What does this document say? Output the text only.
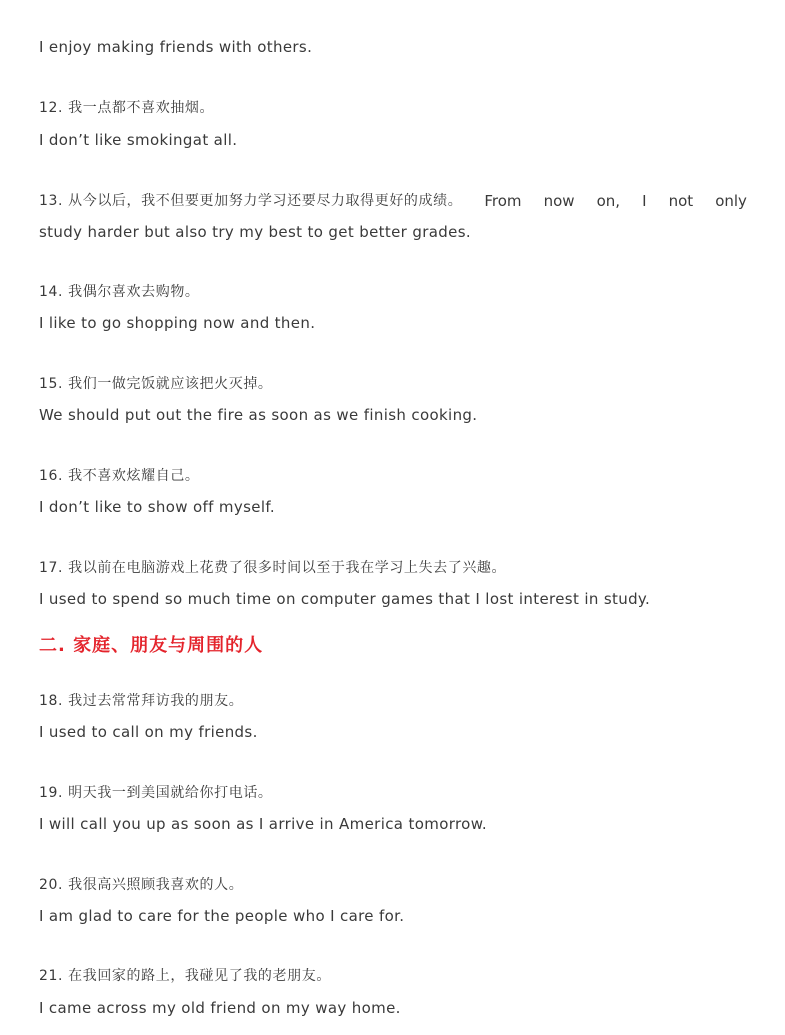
I enjoy making friends with others.
12. 我一点都不喜欢抽烟。
I don’t like smokingat all.
13. 从今以后，我不但要更加努力学习还要尽力取得更好的成绩。 From now on, I not only
study harder but also try my best to get better grades.
14. 我偶尔喜欢去购物。
I like to go shopping now and then.
15. 我们一做完饭就应该把火灭掉。
We should put out the fire as soon as we finish cooking.
16. 我不喜欢炫耀自己。
I don’t like to show off myself.
17. 我以前在电脑游戏上花费了很多时间以至于我在学习上失去了兴趣。
I used to spend so much time on computer games that I lost interest in study.
二. 家庭、朋友与周围的人
18. 我过去常常拜访我的朋友。
I used to call on my friends.
19. 明天我一到美国就给你打电话。
I will call you up as soon as I arrive in America tomorrow.
20. 我很高兴照顾我喜欢的人。
I am glad to care for the people who I care for.
21. 在我回家的路上，我碰见了我的老朋友。
I came across my old friend on my way home.
